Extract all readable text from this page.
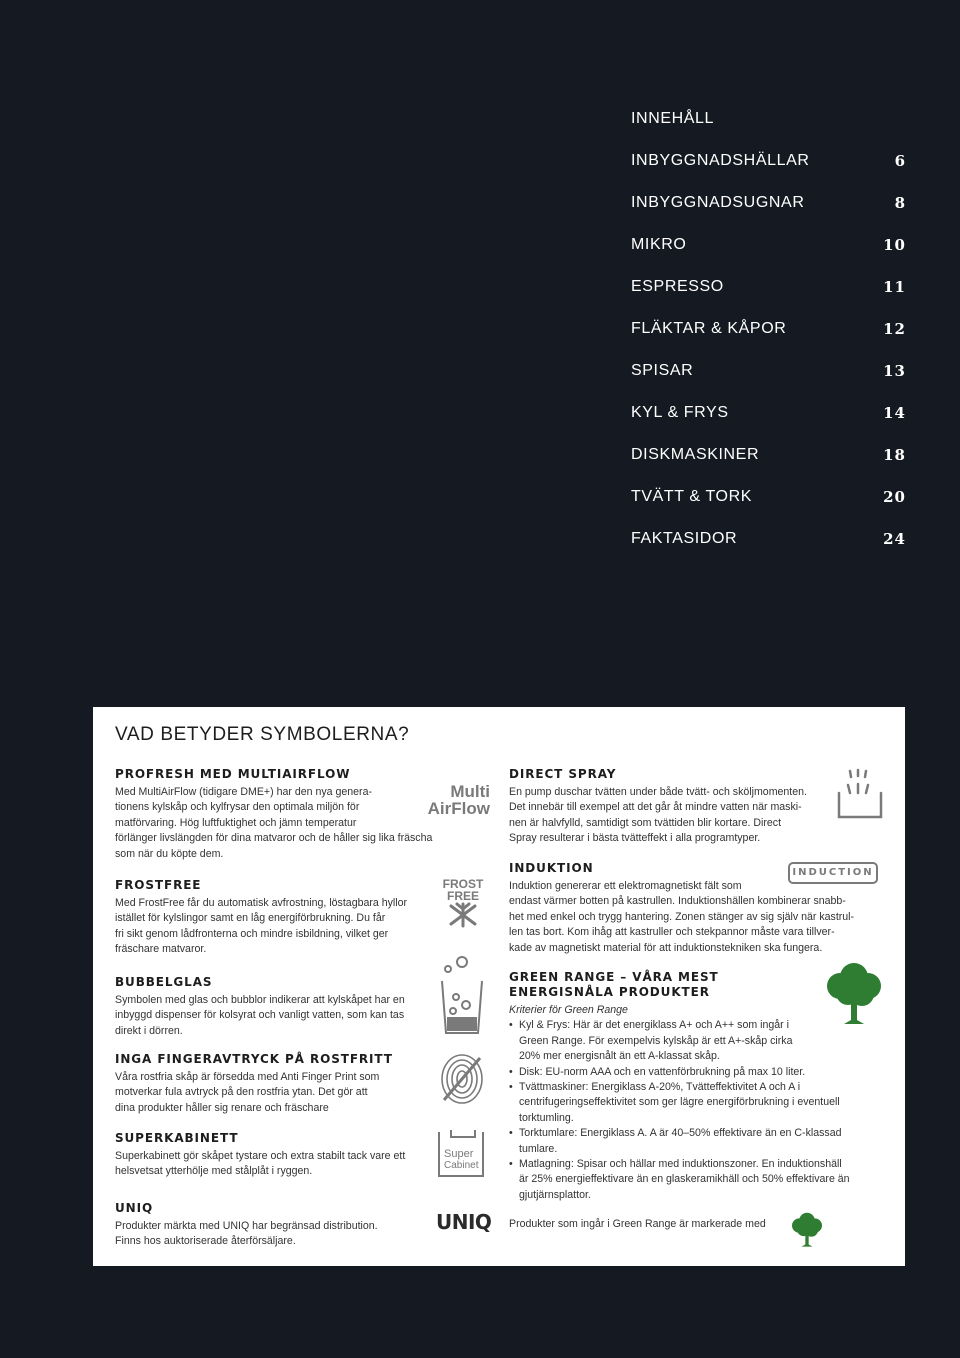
INNEHÅLL
INBYGGNADSHÄLLAR	6
INBYGGNADSUGNAR	8
MIKRO	10
ESPRESSO	11
FLÄKTAR & KÅPOR	12
SPISAR	13
KYL & FRYS	14
DISKMASKINER	18
TVÄTT & TORK	20
FAKTASIDOR	24
VAD BETYDER SYMBOLERNA?
PROFRESH MED MULTIAIRFLOW

Med MultiAirFlow (tidigare DME+) har den nya genera-

tionens kylskåp och kylfrysar den optimala miljön för

matförvaring. Hög luftfuktighet och jämn temperatur

förlänger livslängden för dina matvaror och de håller sig lika fräscha

som när du köpte dem.

Multi
AirFlow
FROSTFREE

Med FrostFree får du automatisk avfrostning, löstagbara hyllor

istället för kylslingor samt en låg energiförbrukning. Du får

fri sikt genom lådfronterna och mindre isbildning, vilket ger

fräschare matvaror.

FROST
FREE
BUBBELGLAS

Symbolen med glas och bubblor indikerar att kylskåpet har en

inbyggd dispenser för kolsyrat och vanligt vatten, som kan tas

direkt i dörren.

INGA FINGERAVTRYCK PÅ ROSTFRITT

Våra rostfria skåp är försedda med Anti Finger Print som

motverkar fula avtryck på den rostfria ytan. Det gör att

dina produkter håller sig renare och fräschare

SUPERKABINETT

Superkabinett gör skåpet tystare och extra stabilt tack vare ett

helsvetsat ytterhölje med stålplåt i ryggen.

Super
Cabinet
UNIQ

Produkter märkta med UNIQ har begränsad distribution.

Finns hos auktoriserade återförsäljare.

UNIQ
DIRECT SPRAY

En pump duschar tvätten under både tvätt- och sköljmomenten.

Det innebär till exempel att det går åt mindre vatten när maski-

nen är halvfylld, samtidigt som tvättiden blir kortare. Direct

Spray resulterar i bästa tvätteffekt i alla programtyper.

INDUKTION

Induktion genererar ett elektromagnetiskt fält som

endast värmer botten på kastrullen. Induktionshällen kombinerar snabb-

het med enkel och trygg hantering. Zonen stänger av sig själv när kastrul-

len tas bort. Kom ihåg att kastruller och stekpannor måste vara tillver-

kade av magnetiskt material för att induktionstekniken ska fungera.

INDUCTION
GREEN RANGE – VÅRA MEST
ENERGISNÅLA PRODUKTER

Kriterier för Green Range

• Kyl & Frys: Här är det energiklass A+ och A++ som ingår i
Green Range. För exempelvis kylskåp är ett A+-skåp cirka
20% mer energisnålt än ett A-klassat skåp.
• Disk: EU-norm AAA och en vattenförbrukning på max 10 liter.
• Tvättmaskiner: Energiklass A-20%, Tvätteffektivitet A och A i
centrifugeringseffektivitet som ger lägre energiförbrukning i eventuell
torktumling.
• Torktumlare: Energiklass A. A är 40–50% effektivare än en C-klassad
tumlare.
• Matlagning: Spisar och hällar med induktionszoner. En induktionshäll
är 25% energieffektivare än en glaskeramikhäll och 50% effektivare än
gjutjärnsplattor.

Produkter som ingår i Green Range är markerade med
